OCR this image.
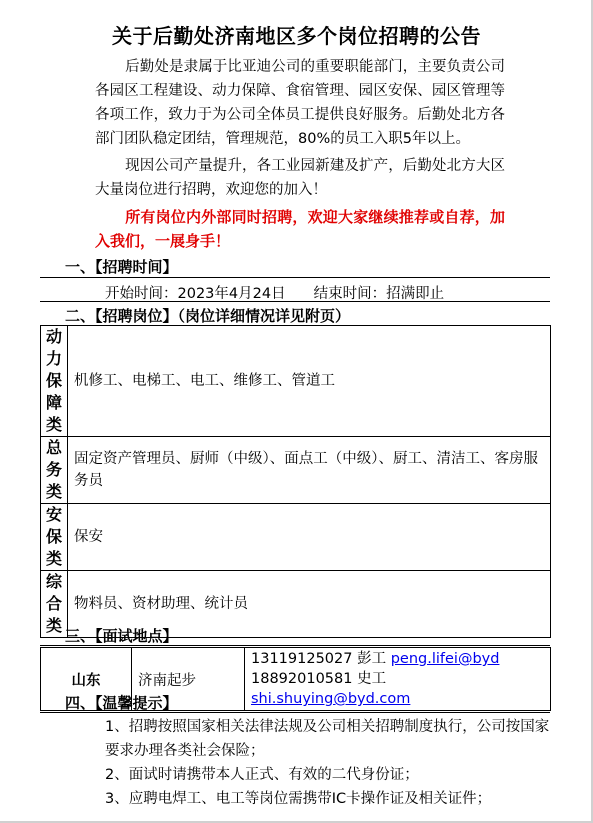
关于后勤处济南地区多个岗位招聘的公告
后勤处是隶属于比亚迪公司的重要职能部门，主要负责公司各园区工程建设、动力保障、食宿管理、园区安保、园区管理等各项工作，致力于为公司全体员工提供良好服务。后勤处北方各部门团队稳定团结，管理规范，80%的员工入职5年以上。
现因公司产量提升，各工业园新建及扩产，后勤处北方大区大量岗位进行招聘，欢迎您的加入！
所有岗位内外部同时招聘，欢迎大家继续推荐或自荐，加入我们，一展身手！
一、【招聘时间】
开始时间：2023年4月24日 结束时间：招满即止
二、【招聘岗位】（岗位详细情况详见附页）
动
力
保
障
类	机修工、电梯工、电工、维修工、管道工

总
务
类	固定资产管理员、厨师（中级）、面点工（中级）、厨工、清洁工、客房服务员

安
保
类	保安

综
合
类	物料员、资材助理、统计员
三、【面试地点】
山东	济南起步	
13119125027 彭工 peng.lifei@byd
18892010581 史工 shi.shuying@byd.com
四、【温馨提示】
1、招聘按照国家相关法律法规及公司相关招聘制度执行，公司按国家要求办理各类社会保险；
2、面试时请携带本人正式、有效的二代身份证；
3、应聘电焊工、电工等岗位需携带IC卡操作证及相关证件；
